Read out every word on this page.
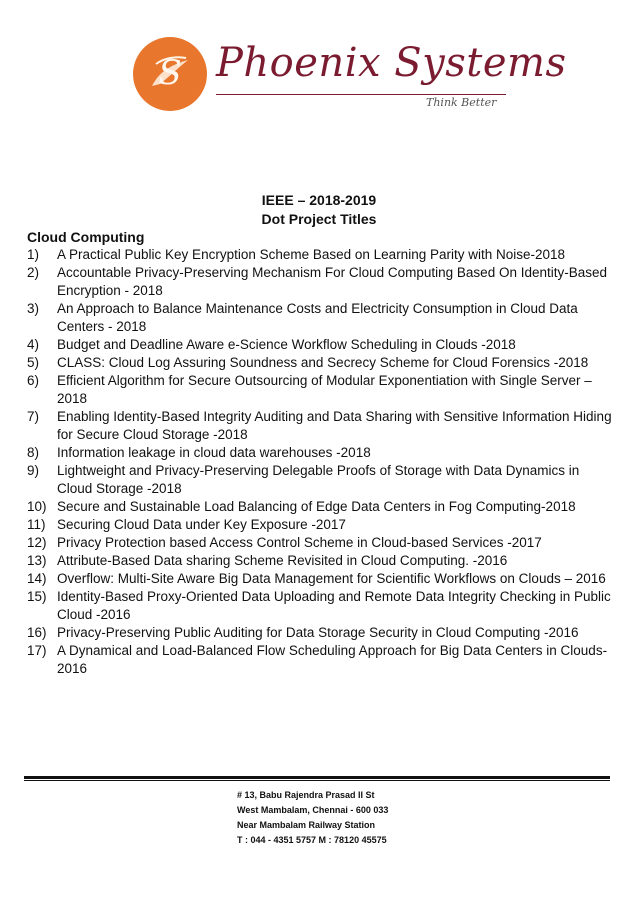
S Phoenix Systems
Think Better
IEEE – 2018-2019
Dot Project Titles
Cloud Computing
1) A Practical Public Key Encryption Scheme Based on Learning Parity with Noise-2018
2) Accountable Privacy-Preserving Mechanism For Cloud Computing Based On Identity-Based Encryption - 2018
3) An Approach to Balance Maintenance Costs and Electricity Consumption in Cloud Data Centers - 2018
4) Budget and Deadline Aware e-Science Workflow Scheduling in Clouds -2018
5) CLASS: Cloud Log Assuring Soundness and Secrecy Scheme for Cloud Forensics -2018
6) Efficient Algorithm for Secure Outsourcing of Modular Exponentiation with Single Server – 2018
7) Enabling Identity-Based Integrity Auditing and Data Sharing with Sensitive Information Hiding for Secure Cloud Storage -2018
8) Information leakage in cloud data warehouses -2018
9) Lightweight and Privacy-Preserving Delegable Proofs of Storage with Data Dynamics in Cloud Storage -2018
10) Secure and Sustainable Load Balancing of Edge Data Centers in Fog Computing-2018
11) Securing Cloud Data under Key Exposure -2017
12) Privacy Protection based Access Control Scheme in Cloud-based Services -2017
13) Attribute-Based Data sharing Scheme Revisited in Cloud Computing. -2016
14) Overflow: Multi-Site Aware Big Data Management for Scientific Workflows on Clouds – 2016
15) Identity-Based Proxy-Oriented Data Uploading and Remote Data Integrity Checking in Public Cloud -2016
16) Privacy-Preserving Public Auditing for Data Storage Security in Cloud Computing -2016
17) A Dynamical and Load-Balanced Flow Scheduling Approach for Big Data Centers in Clouds-2016
# 13, Babu Rajendra Prasad II St
West Mambalam, Chennai - 600 033
Near Mambalam Railway Station
T : 044 - 4351 5757 M : 78120 45575
